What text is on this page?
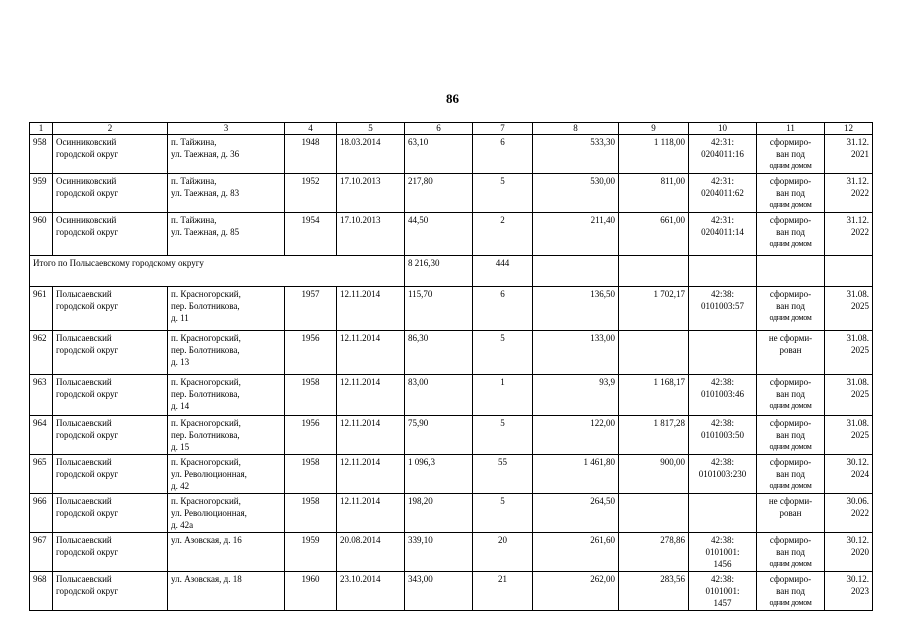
86
1	2	3	4	5	6	7	8	9	10	11	12
958	Осинниковский
городской округ	п. Тайжина,
ул. Таежная, д. 36	1948	18.03.2014	63,10	6	533,30	1 118,00	42:31:
0204011:16	сформиро-
ван под
одним домом	31.12.
2021

959	Осинниковский
городской округ	п. Тайжина,
ул. Таежная, д. 83	1952	17.10.2013	217,80	5	530,00	811,00	42:31:
0204011:62	сформиро-
ван под
одним домом	31.12.
2022

960	Осинниковский
городской округ	п. Тайжина,
ул. Таежная, д. 85	1954	17.10.2013	44,50	2	211,40	661,00	42:31:
0204011:14	сформиро-
ван под
одним домом	31.12.
2022

Итого по Полысаевскому городскому округу					8 216,30	444					
961	Полысаевский
городской округ	п. Красногорский,
пер. Болотникова,
д. 11	1957	12.11.2014	115,70	6	136,50	1 702,17	42:38:
0101003:57	сформиро-
ван под
одним домом	31.08.
2025

962	Полысаевский
городской округ	п. Красногорский,
пер. Болотникова,
д. 13	1956	12.11.2014	86,30	5	133,00			не сформи-
рован	31.08.
2025

963	Полысаевский
городской округ	п. Красногорский,
пер. Болотникова,
д. 14	1958	12.11.2014	83,00	1	93,9	1 168,17	42:38:
0101003:46	сформиро-
ван под
одним домом	31.08.
2025

964	Полысаевский
городской округ	п. Красногорский,
пер. Болотникова,
д. 15	1956	12.11.2014	75,90	5	122,00	1 817,28	42:38:
0101003:50	сформиро-
ван под
одним домом	31.08.
2025

965	Полысаевский
городской округ	п. Красногорский,
ул. Революционная,
д. 42	1958	12.11.2014	1 096,3	55	1 461,80	900,00	42:38:
0101003:230	сформиро-
ван под
одним домом	30.12.
2024

966	Полысаевский
городской округ	п. Красногорский,
ул. Революционная,
д. 42а	1958	12.11.2014	198,20	5	264,50			не сформи-
рован	30.06.
2022

967	Полысаевский
городской округ	ул. Азовская, д. 16	1959	20.08.2014	339,10	20	261,60	278,86	42:38:
0101001:
1456	сформиро-
ван под
одним домом	30.12.
2020

968	Полысаевский
городской округ	ул. Азовская, д. 18	1960	23.10.2014	343,00	21	262,00	283,56	42:38:
0101001:
1457	сформиро-
ван под
одним домом	30.12.
2023
